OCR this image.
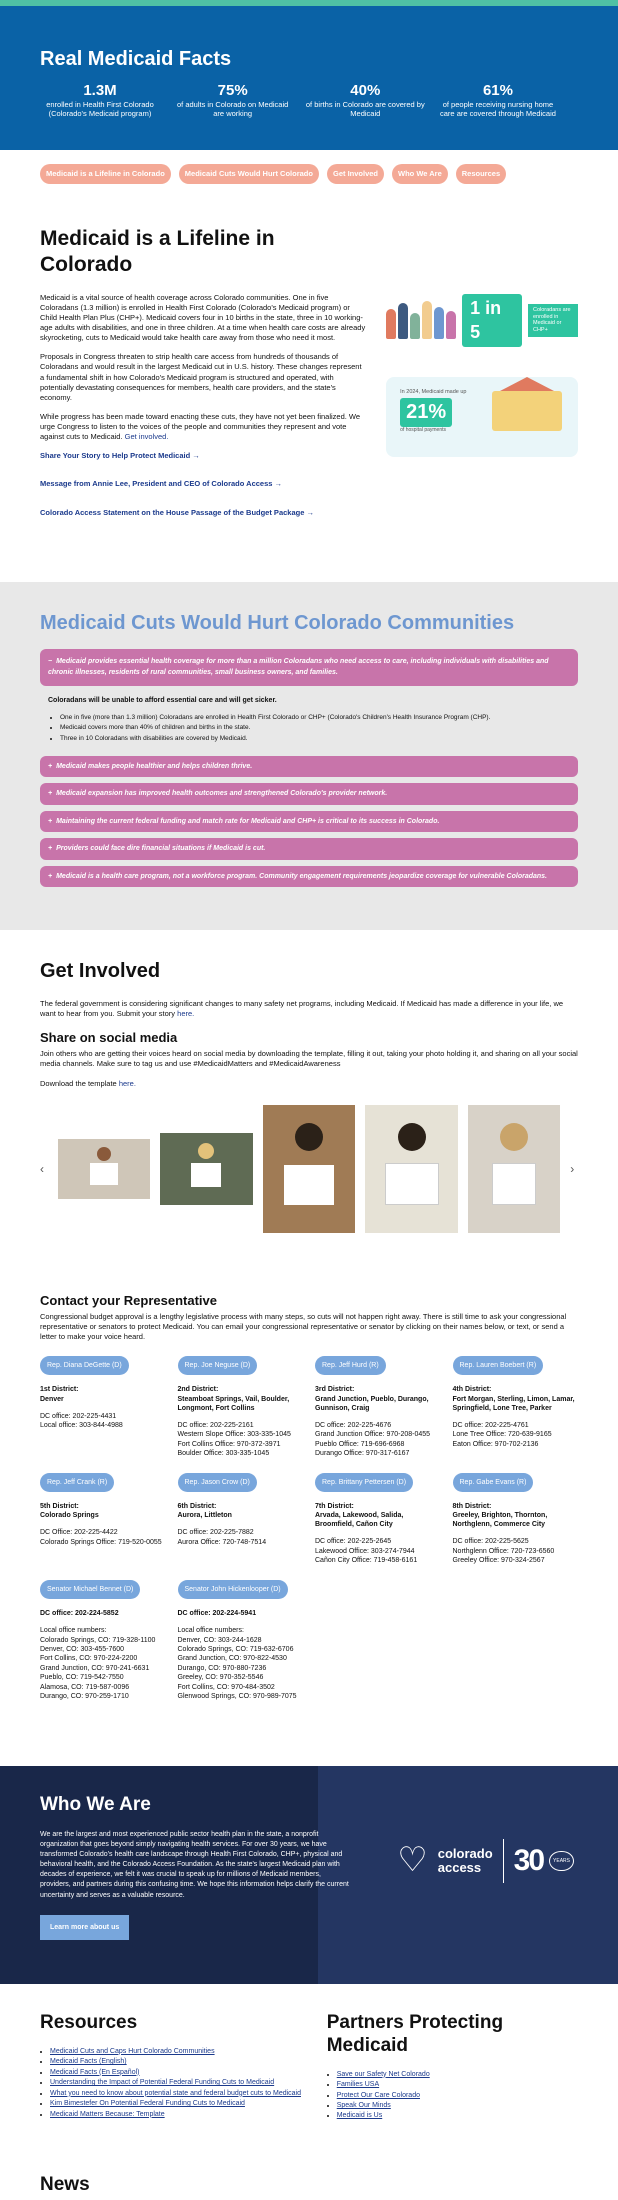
Real Medicaid Facts
1.3M
enrolled in Health First Colorado (Colorado's Medicaid program)
75%
of adults in Colorado on Medicaid are working
40%
of births in Colorado are covered by Medicaid
61%
of people receiving nursing home care are covered through Medicaid
Medicaid is a Lifeline in Colorado	Medicaid Cuts Would Hurt Colorado	Get Involved	Who We Are	Resources
Medicaid is a Lifeline in Colorado

Medicaid is a vital source of health coverage across Colorado communities. One in five Coloradans (1.3 million) is enrolled in Health First Colorado (Colorado's Medicaid program) or Child Health Plan Plus (CHP+). Medicaid covers four in 10 births in the state, three in 10 working-age adults with disabilities, and one in three children. At a time when health care costs are already skyrocketing, cuts to Medicaid would take health care away from those who need it most.

Proposals in Congress threaten to strip health care access from hundreds of thousands of Coloradans and would result in the largest Medicaid cut in U.S. history. These changes represent a fundamental shift in how Colorado's Medicaid program is structured and operated, with potentially devastating consequences for members, health care providers, and the state's economy.

While progress has been made toward enacting these cuts, they have not yet been finalized. We urge Congress to listen to the voices of the people and communities they represent and vote against cuts to Medicaid. Get involved.

Share Your Story to Help Protect Medicaid →
Message from Annie Lee, President and CEO of Colorado Access →
Colorado Access Statement on the House Passage of the Budget Package →
1 in 5
Coloradans are enrolled in Medicaid or CHP+
In 2024, Medicaid made up
21%
of hospital payments
Medicaid Cuts Would Hurt Colorado Communities
− Medicaid provides essential health coverage for more than a million Coloradans who need access to care, including individuals with disabilities and chronic illnesses, residents of rural communities, small business owners, and families.
Coloradans will be unable to afford essential care and will get sicker.
• One in five (more than 1.3 million) Coloradans are enrolled in Health First Colorado or CHP+ (Colorado's Children's Health Insurance Program (CHP).
• Medicaid covers more than 40% of children and births in the state.
• Three in 10 Coloradans with disabilities are covered by Medicaid.
+ Medicaid makes people healthier and helps children thrive.
+ Medicaid expansion has improved health outcomes and strengthened Colorado's provider network.
+ Maintaining the current federal funding and match rate for Medicaid and CHP+ is critical to its success in Colorado.
+ Providers could face dire financial situations if Medicaid is cut.
+ Medicaid is a health care program, not a workforce program. Community engagement requirements jeopardize coverage for vulnerable Coloradans.
Get Involved

The federal government is considering significant changes to many safety net programs, including Medicaid. If Medicaid has made a difference in your life, we want to hear from you. Submit your story here.

Share on social media

Join others who are getting their voices heard on social media by downloading the template, filling it out, taking your photo holding it, and sharing on all your social media channels. Make sure to tag us and use #MedicaidMatters and #MedicaidAwareness

Download the template here.

‹	›
Contact your Representative

Congressional budget approval is a lengthy legislative process with many steps, so cuts will not happen right away. There is still time to ask your congressional representative or senators to protect Medicaid. You can email your congressional representative or senator by clicking on their names below, or text, or send a letter to make your voice heard.

Rep. Diana DeGette (D)
1st District:
Denver
DC office: 202-225-4431
Local office: 303-844-4988
Rep. Joe Neguse (D)
2nd District:
Steamboat Springs, Vail, Boulder, Longmont, Fort Collins
DC office: 202-225-2161
Western Slope Office: 303-335-1045
Fort Collins Office: 970-372-3971
Boulder Office: 303-335-1045
Rep. Jeff Hurd (R)
3rd District:
Grand Junction, Pueblo, Durango, Gunnison, Craig
DC office: 202-225-4676
Grand Junction Office: 970-208-0455
Pueblo Office: 719-696-6968
Durango Office: 970-317-6167
Rep. Lauren Boebert (R)
4th District:
Fort Morgan, Sterling, Limon, Lamar, Springfield, Lone Tree, Parker
DC office: 202-225-4761
Lone Tree Office: 720-639-9165
Eaton Office: 970-702-2136
Rep. Jeff Crank (R)
5th District:
Colorado Springs
DC Office: 202-225-4422
Colorado Springs Office: 719-520-0055
Rep. Jason Crow (D)
6th District:
Aurora, Littleton
DC office: 202-225-7882
Aurora Office: 720-748-7514
Rep. Brittany Pettersen (D)
7th District:
Arvada, Lakewood, Salida, Broomfield, Cañon City
DC office: 202-225-2645
Lakewood Office: 303-274-7944
Cañon City Office: 719-458-6161
Rep. Gabe Evans (R)
8th District:
Greeley, Brighton, Thornton, Northglenn, Commerce City
DC office: 202-225-5625
Northglenn Office: 720-723-6560
Greeley Office: 970-324-2567
Senator Michael Bennet (D)
DC office: 202-224-5852
Local office numbers:
Colorado Springs, CO: 719-328-1100
Denver, CO: 303-455-7600
Fort Collins, CO: 970-224-2200
Grand Junction, CO: 970-241-6631
Pueblo, CO: 719-542-7550
Alamosa, CO: 719-587-0096
Durango, CO: 970-259-1710
Senator John Hickenlooper (D)
DC office: 202-224-5941
Local office numbers:
Denver, CO: 303-244-1628
Colorado Springs, CO: 719-632-6706
Grand Junction, CO: 970-822-4530
Durango, CO: 970-880-7236
Greeley, CO: 970-352-5546
Fort Collins, CO: 970-484-3502
Glenwood Springs, CO: 970-989-7075
Who We Are

We are the largest and most experienced public sector health plan in the state, a nonprofit organization that goes beyond simply navigating health services. For over 30 years, we have transformed Colorado's health care landscape through Health First Colorado, CHP+, physical and behavioral health, and the Colorado Access Foundation. As the state's largest Medicaid plan with decades of experience, we felt it was crucial to speak up for millions of Medicaid members, providers, and partners during this confusing time. We hope this information helps clarify the current uncertainty and serves as a valuable resource.

Learn more about us
♡ colorado
access	30	YEARS
Resources
• Medicaid Cuts and Caps Hurt Colorado Communities
• Medicaid Facts (English)
• Medicaid Facts (En Español)
• Understanding the Impact of Potential Federal Funding Cuts to Medicaid
• What you need to know about potential state and federal budget cuts to Medicaid
• Kim Bimestefer On Potential Federal Funding Cuts to Medicaid
• Medicaid Matters Because: Template
Partners Protecting Medicaid
• Save our Safety Net Colorado
• Families USA
• Protect Our Care Colorado
• Speak Our Minds
• Medicaid is Us
News
